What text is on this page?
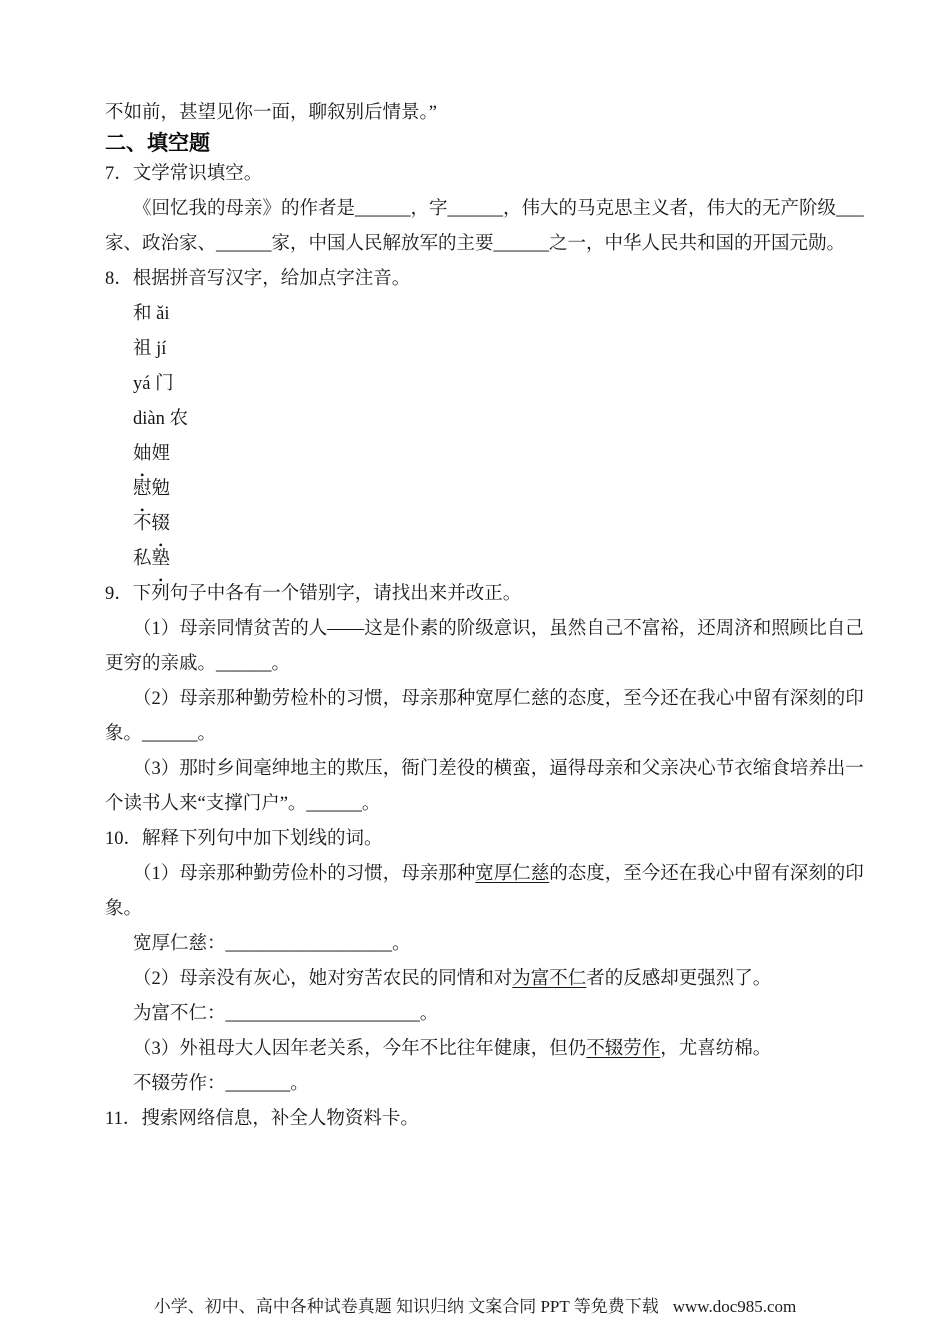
不如前，甚望见你一面，聊叙别后情景。”

二、填空题

7．文学常识填空。

《回忆我的母亲》的作者是______，字______，伟大的马克思主义者，伟大的无产阶级___

家、政治家、______家，中国人民解放军的主要______之一，中华人民共和国的开国元勋。

8．根据拼音写汉字，给加点字注音。

和 ǎi

祖 jí

yá 门

diàn 农

妯娌

慰勉

不辍

私塾

9．下列句子中各有一个错别字，请找出来并改正。

（1）母亲同情贫苦的人——这是仆素的阶级意识，虽然自己不富裕，还周济和照顾比自己

更穷的亲戚。______。

（2）母亲那种勤劳检朴的习惯，母亲那种宽厚仁慈的态度，至今还在我心中留有深刻的印

象。______。

（3）那时乡间毫绅地主的欺压，衙门差役的横蛮，逼得母亲和父亲决心节衣缩食培养出一

个读书人来“支撑门户”。______。

10．解释下列句中加下划线的词。

（1）母亲那种勤劳俭朴的习惯，母亲那种宽厚仁慈的态度，至今还在我心中留有深刻的印

象。

宽厚仁慈：__________________。

（2）母亲没有灰心，她对穷苦农民的同情和对为富不仁者的反感却更强烈了。

为富不仁：_____________________。

（3）外祖母大人因年老关系，今年不比往年健康，但仍不辍劳作，尤喜纺棉。

不辍劳作：_______。

11．搜索网络信息，补全人物资料卡。

小学、初中、高中各种试卷真题 知识归纳 文案合同 PPT 等免费下载 www.doc985.com
